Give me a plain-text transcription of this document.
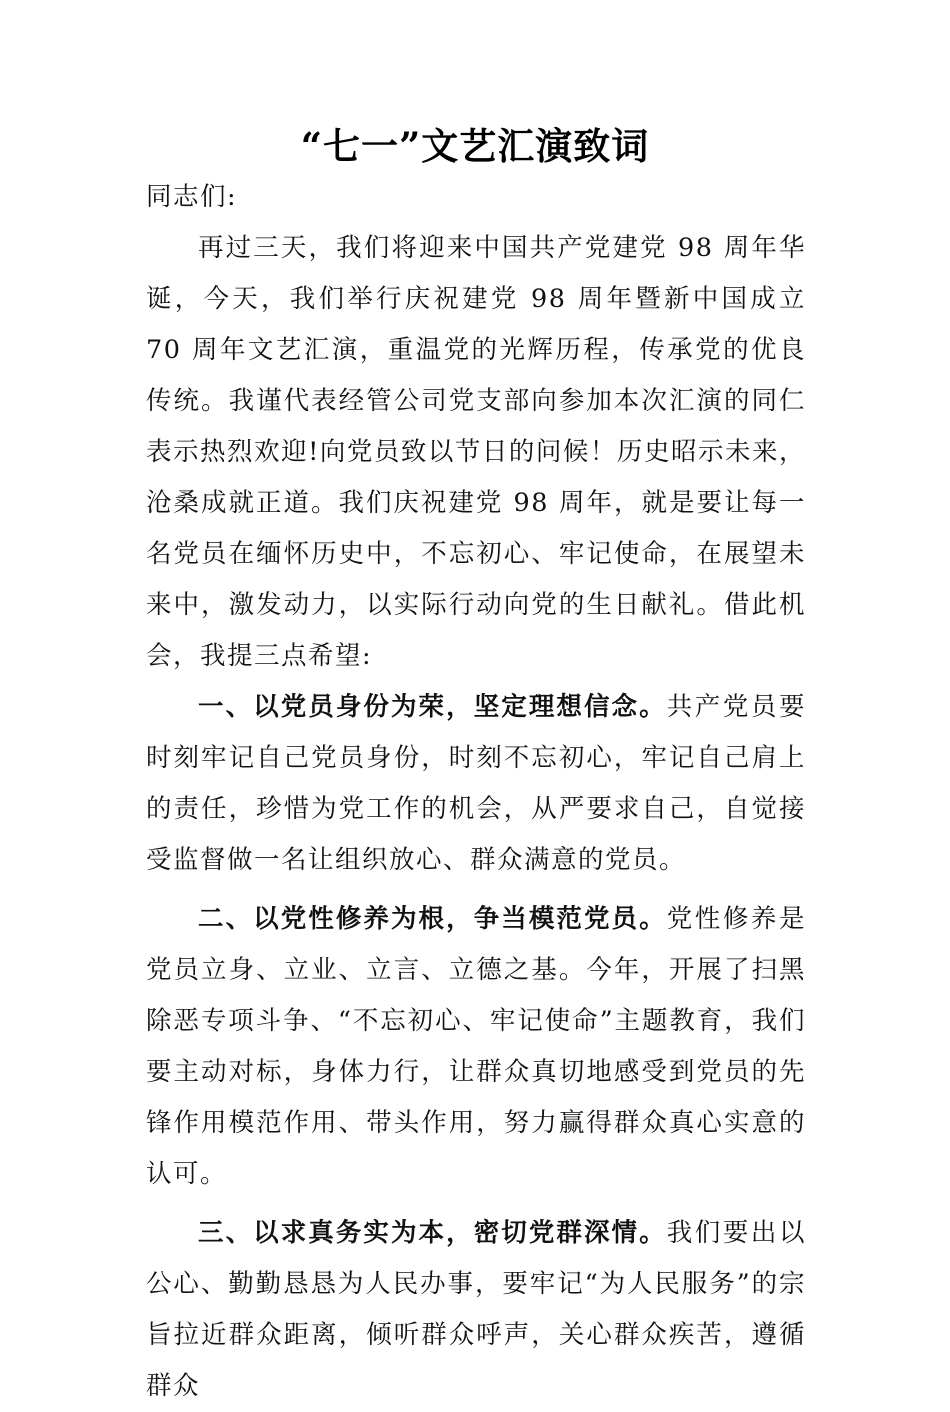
“七一”文艺汇演致词

同志们:

再过三天，我们将迎来中国共产党建党 98 周年华诞，今天，我们举行庆祝建党 98 周年暨新中国成立 70 周年文艺汇演，重温党的光辉历程，传承党的优良传统。我谨代表经管公司党支部向参加本次汇演的同仁表示热烈欢迎!向党员致以节日的问候！历史昭示未来，沧桑成就正道。我们庆祝建党 98 周年，就是要让每一名党员在缅怀历史中，不忘初心、牢记使命，在展望未来中，激发动力，以实际行动向党的生日献礼。借此机会，我提三点希望:

一、以党员身份为荣，坚定理想信念。共产党员要时刻牢记自己党员身份，时刻不忘初心，牢记自己肩上的责任，珍惜为党工作的机会，从严要求自己，自觉接受监督做一名让组织放心、群众满意的党员。

二、以党性修养为根，争当模范党员。党性修养是党员立身、立业、立言、立德之基。今年，开展了扫黑除恶专项斗争、“不忘初心、牢记使命”主题教育，我们要主动对标，身体力行，让群众真切地感受到党员的先锋作用模范作用、带头作用，努力赢得群众真心实意的认可。

三、以求真务实为本，密切党群深情。我们要出以公心、勤勤恳恳为人民办事，要牢记“为人民服务”的宗旨拉近群众距离，倾听群众呼声，关心群众疾苦，遵循群众
